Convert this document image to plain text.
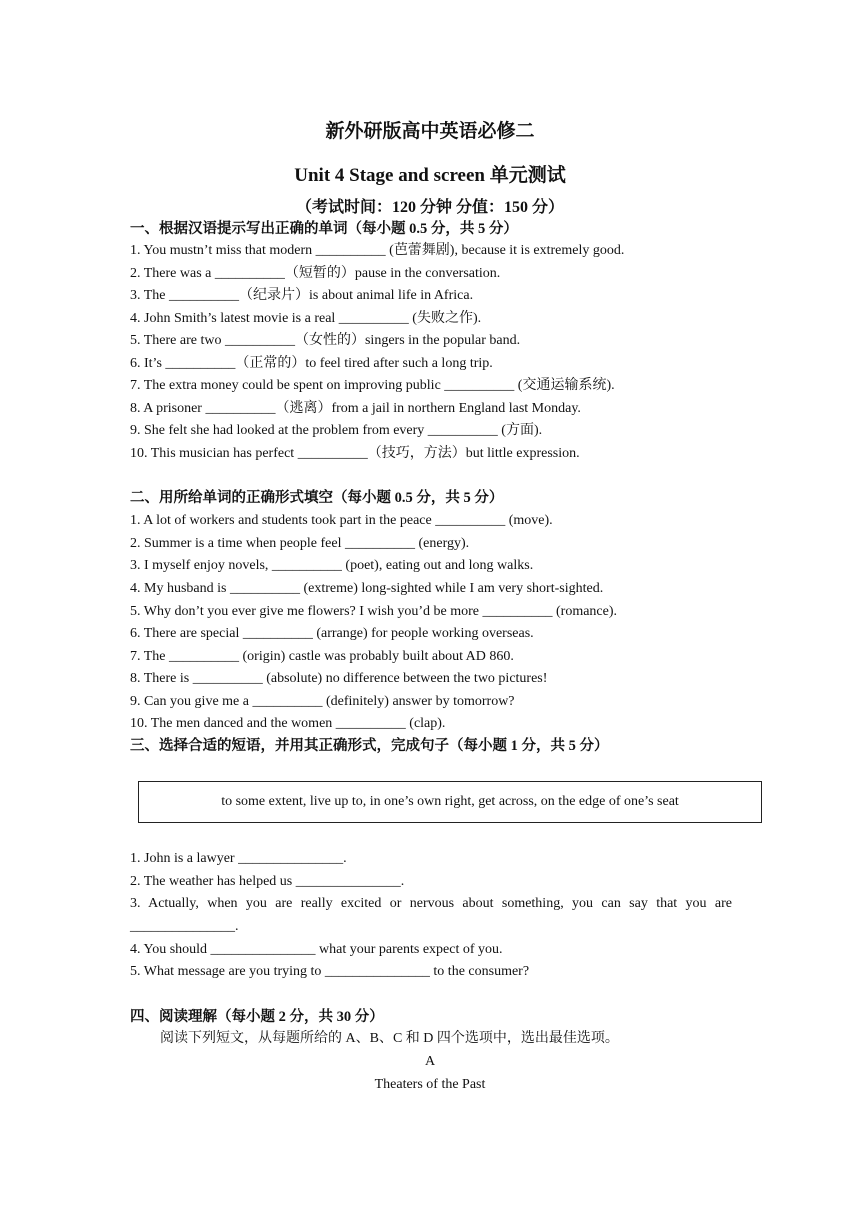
新外研版高中英语必修二
Unit 4 Stage and screen 单元测试
（考试时间：120 分钟 分值：150 分）
一、根据汉语提示写出正确的单词（每小题 0.5 分，共 5 分）
1. You mustn’t miss that modern __________ (芭蕾舞剧), because it is extremely good.
2. There was a __________（短暂的）pause in the conversation.
3. The __________（纪录片）is about animal life in Africa.
4. John Smith’s latest movie is a real __________ (失败之作).
5. There are two __________（女性的）singers in the popular band.
6. It’s __________（正常的）to feel tired after such a long trip.
7. The extra money could be spent on improving public __________ (交通运输系统).
8. A prisoner __________（逃离）from a jail in northern England last Monday.
9. She felt she had looked at the problem from every __________ (方面).
10. This musician has perfect __________（技巧，方法）but little expression.
二、用所给单词的正确形式填空（每小题 0.5 分，共 5 分）
1. A lot of workers and students took part in the peace __________ (move).
2. Summer is a time when people feel __________ (energy).
3. I myself enjoy novels, __________ (poet), eating out and long walks.
4. My husband is __________ (extreme) long-sighted while I am very short-sighted.
5. Why don’t you ever give me flowers? I wish you’d be more __________ (romance).
6. There are special __________ (arrange) for people working overseas.
7. The __________ (origin) castle was probably built about AD 860.
8. There is __________ (absolute) no difference between the two pictures!
9. Can you give me a __________ (definitely) answer by tomorrow?
10. The men danced and the women __________ (clap).
三、选择合适的短语，并用其正确形式，完成句子（每小题 1 分，共 5 分）
to some extent, live up to, in one’s own right, get across, on the edge of one’s seat
1. John is a lawyer _______________.
2. The weather has helped us _______________.
3. Actually, when you are really excited or nervous about something, you can say that you are
_______________.
4. You should _______________ what your parents expect of you.
5. What message are you trying to _______________ to the consumer?
四、阅读理解（每小题 2 分，共 30 分）
阅读下列短文，从每题所给的 A、B、C 和 D 四个选项中，选出最佳选项。
A
Theaters of the Past
